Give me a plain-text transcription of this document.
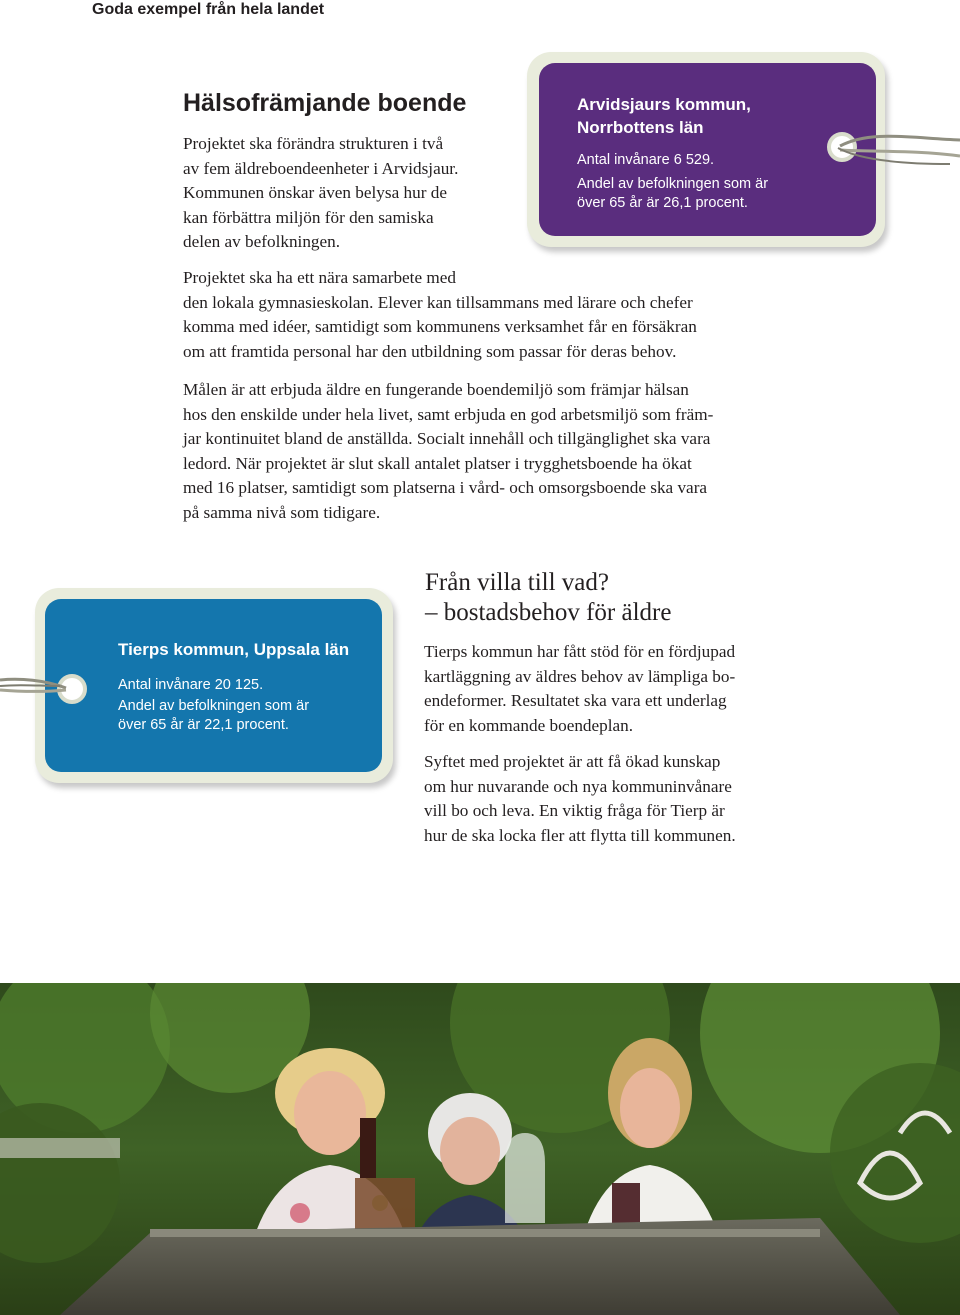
Goda exempel från hela landet
Hälsofrämjande boende
Projektet ska förändra strukturen i två
av fem äldreboendeenheter i Arvidsjaur.
Kommunen önskar även belysa hur de
kan förbättra miljön för den samiska
delen av befolkningen.
Projektet ska ha ett nära samarbete med
den lokala gymnasieskolan. Elever kan tillsammans med lärare och chefer
komma med idéer, samtidigt som kommunens verksamhet får en försäkran
om att framtida personal har den utbildning som passar för deras behov.
Målen är att erbjuda äldre en fungerande boendemiljö som främjar hälsan
hos den enskilde under hela livet, samt erbjuda en god arbetsmiljö som främ-
jar kontinuitet bland de anställda. Socialt innehåll och tillgänglighet ska vara
ledord. När projektet är slut skall antalet platser i trygghetsboende ha ökat
med 16 platser, samtidigt som platserna i vård- och omsorgsboende ska vara
på samma nivå som tidigare.
Arvidsjaurs kommun,
Norrbottens län
Antal invånare 6 529.
Andel av befolkningen som är
över 65 år är 26,1 procent.
Tierps kommun, Uppsala län
Antal invånare 20 125.
Andel av befolkningen som är
över 65 år är 22,1 procent.
Från villa till vad?
– bostadsbehov för äldre
Tierps kommun har fått stöd för en fördjupad
kartläggning av äldres behov av lämpliga bo-
endeformer. Resultatet ska vara ett underlag
för en kommande boendeplan.
Syftet med projektet är att få ökad kunskap
om hur nuvarande och nya kommuninvånare
vill bo och leva. En viktig fråga för Tierp är
hur de ska locka fler att flytta till kommunen.
